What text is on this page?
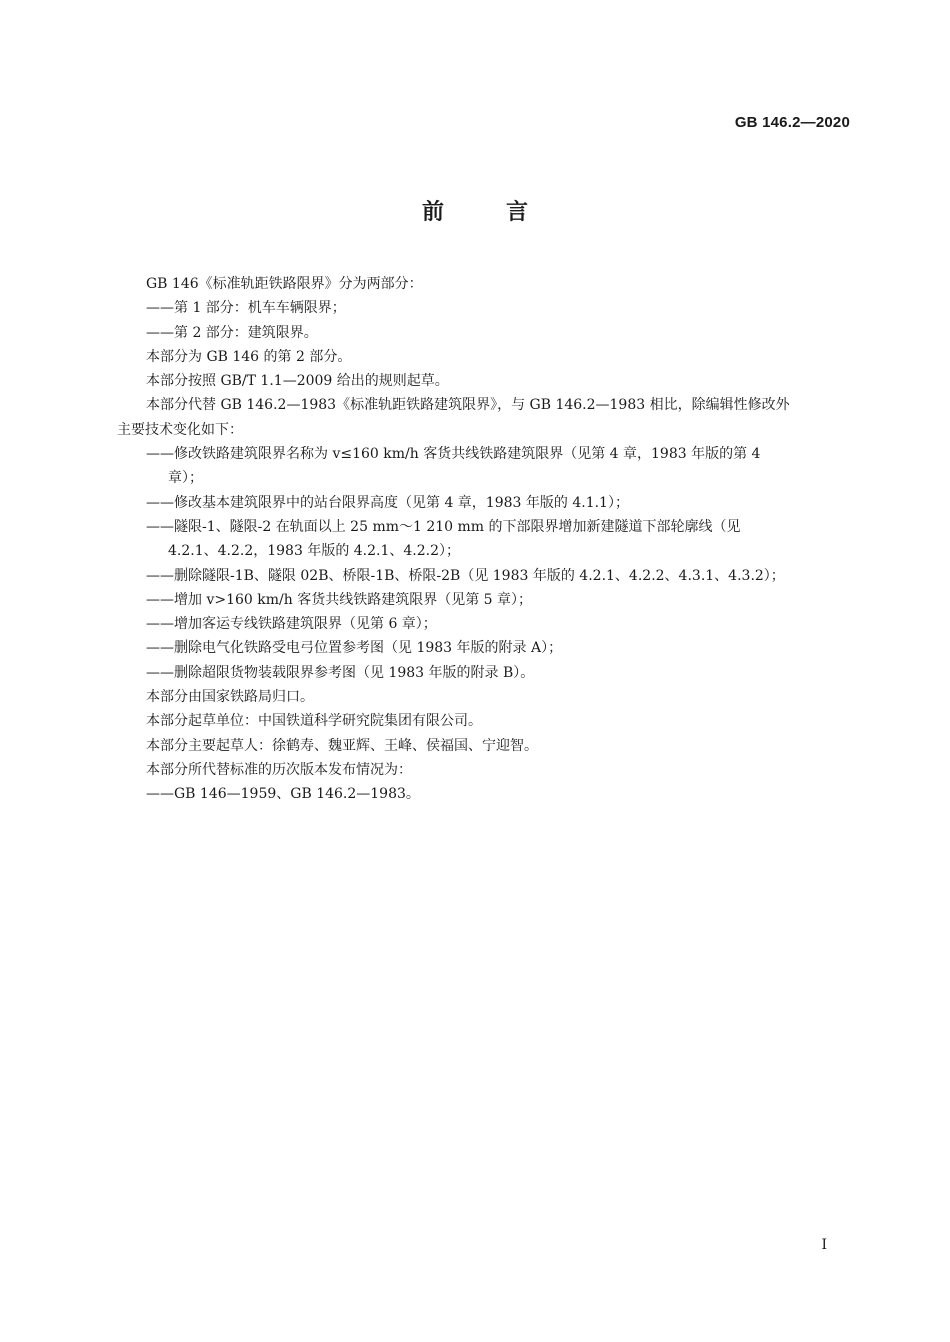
GB 146.2—2020
前言
GB 146《标准轨距铁路限界》分为两部分：
——第 1 部分：机车车辆限界；
——第 2 部分：建筑限界。
本部分为 GB 146 的第 2 部分。
本部分按照 GB/T 1.1—2009 给出的规则起草。
本部分代替 GB 146.2—1983《标准轨距铁路建筑限界》，与 GB 146.2—1983 相比，除编辑性修改外
主要技术变化如下：
——修改铁路建筑限界名称为 v≤160 km/h 客货共线铁路建筑限界（见第 4 章，1983 年版的第 4
章）；
——修改基本建筑限界中的站台限界高度（见第 4 章，1983 年版的 4.1.1）；
——隧限-1、隧限-2 在轨面以上 25 mm～1 210 mm 的下部限界增加新建隧道下部轮廓线（见
4.2.1、4.2.2，1983 年版的 4.2.1、4.2.2）；
——删除隧限-1B、隧限 02B、桥限-1B、桥限-2B（见 1983 年版的 4.2.1、4.2.2、4.3.1、4.3.2）；
——增加 v>160 km/h 客货共线铁路建筑限界（见第 5 章）；
——增加客运专线铁路建筑限界（见第 6 章）；
——删除电气化铁路受电弓位置参考图（见 1983 年版的附录 A）；
——删除超限货物装载限界参考图（见 1983 年版的附录 B）。
本部分由国家铁路局归口。
本部分起草单位：中国铁道科学研究院集团有限公司。
本部分主要起草人：徐鹤寿、魏亚辉、王峰、侯福国、宁迎智。
本部分所代替标准的历次版本发布情况为：
——GB 146—1959、GB 146.2—1983。
I
